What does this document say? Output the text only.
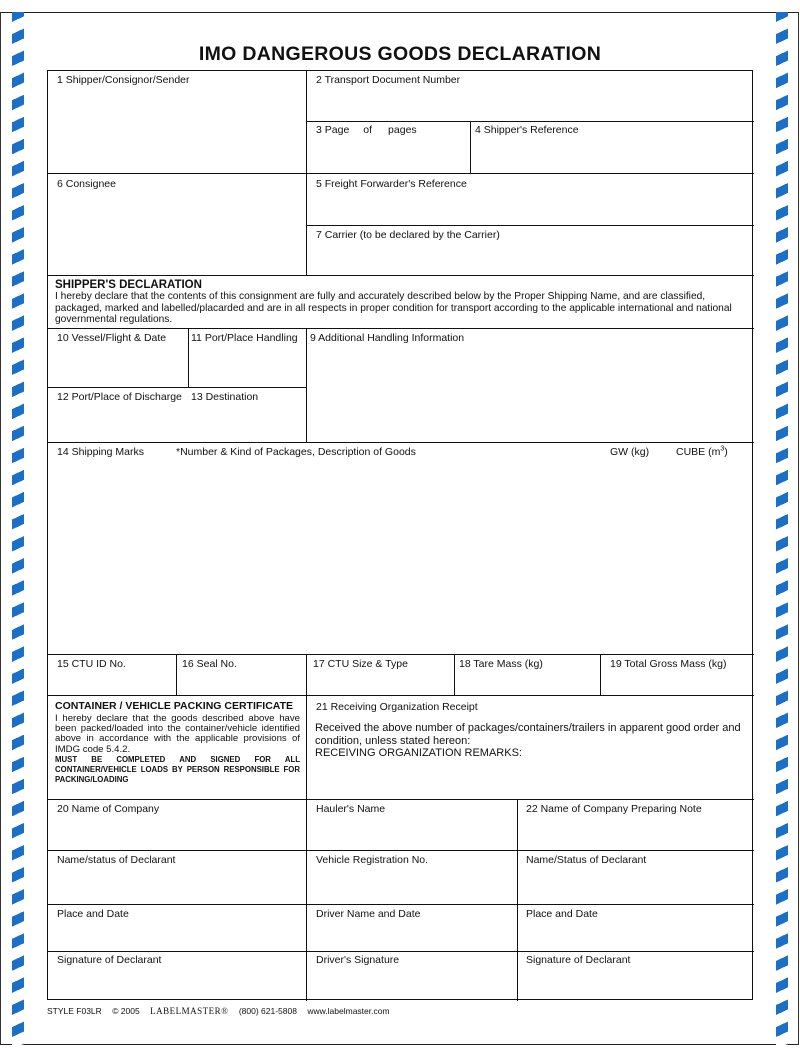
IMO DANGEROUS GOODS DECLARATION
1 Shipper/Consignor/Sender	2 Transport Document Number
3 Page of pages	4 Shipper's Reference
6 Consignee	5 Freight Forwarder's Reference
7 Carrier (to be declared by the Carrier)
SHIPPER'S DECLARATION
I hereby declare that the contents of this consignment are fully and accurately described below by the Proper Shipping Name, and are classified, packaged, marked and labelled/placarded and are in all respects in proper condition for transport according to the applicable international and national governmental regulations.
10 Vessel/Flight & Date 11 Port/Place Handling 9 Additional Handling Information
12 Port/Place of Discharge 13 Destination
14 Shipping Marks	*Number & Kind of Packages, Description of Goods	GW (kg)	CUBE $(m^3)$
15 CTU ID No.	16 Seal No.	17 CTU Size & Type	18 Tare Mass (kg)	19 Total Gross Mass (kg)
CONTAINER / VEHICLE PACKING CERTIFICATE
I hereby declare that the goods described above have been packed/loaded into the container/vehicle identified above in accordance with the applicable provisions of IMDG code 5.4.2.
MUST BE COMPLETED AND SIGNED FOR ALL CONTAINER/VEHICLE LOADS BY PERSON RESPONSIBLE FOR PACKING/LOADING
21 Receiving Organization Receipt
Received the above number of packages/containers/trailers in apparent good order and condition, unless stated hereon:
RECEIVING ORGANIZATION REMARKS:
20 Name of Company	Hauler's Name	22 Name of Company Preparing Note
Name/status of Declarant	Vehicle Registration No.	Name/Status of Declarant
Place and Date	Driver Name and Date	Place and Date
Signature of Declarant	Driver's Signature	Signature of Declarant
STYLE F03LR © 2005 LABELMASTER® (800) 621-5808 www.labelmaster.com
